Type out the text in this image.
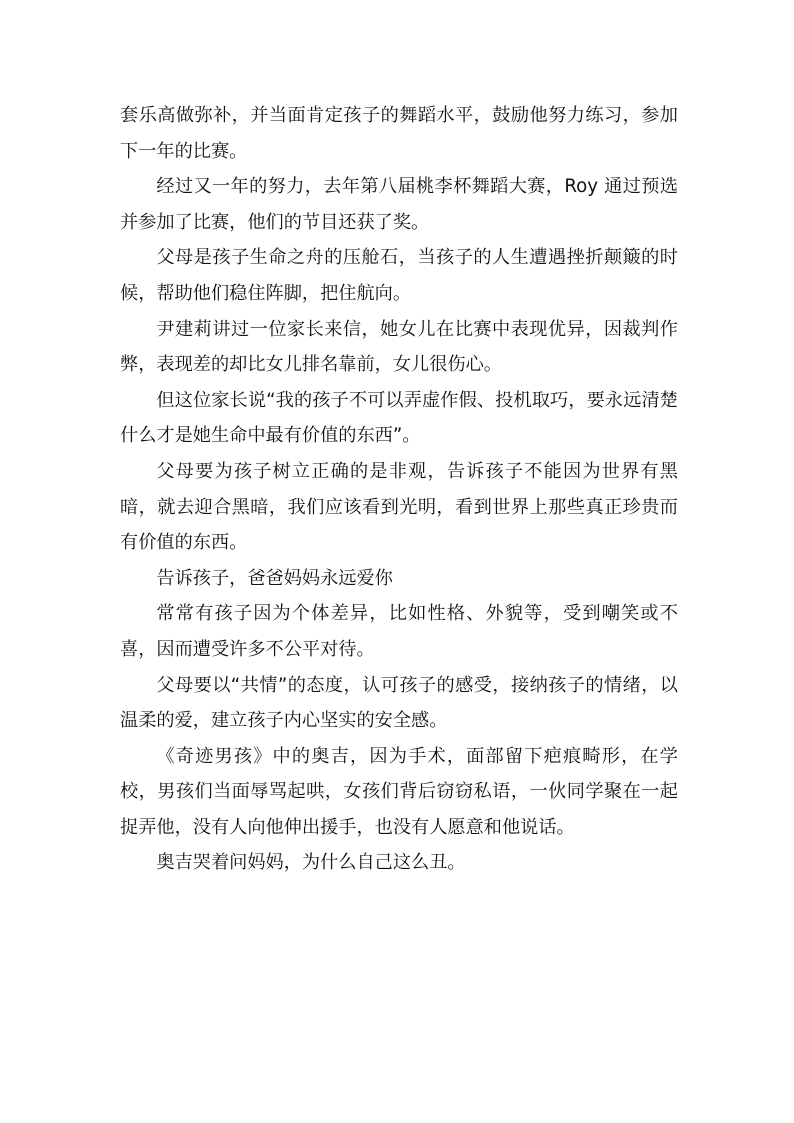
套乐高做弥补，并当面肯定孩子的舞蹈水平，鼓励他努力练习，参加下一年的比赛。

经过又一年的努力，去年第八届桃李杯舞蹈大赛，Roy 通过预选并参加了比赛，他们的节目还获了奖。

父母是孩子生命之舟的压舱石，当孩子的人生遭遇挫折颠簸的时候，帮助他们稳住阵脚，把住航向。

尹建莉讲过一位家长来信，她女儿在比赛中表现优异，因裁判作弊，表现差的却比女儿排名靠前，女儿很伤心。

但这位家长说“我的孩子不可以弄虚作假、投机取巧，要永远清楚什么才是她生命中最有价值的东西”。

父母要为孩子树立正确的是非观，告诉孩子不能因为世界有黑暗，就去迎合黑暗，我们应该看到光明，看到世界上那些真正珍贵而有价值的东西。

告诉孩子，爸爸妈妈永远爱你

常常有孩子因为个体差异，比如性格、外貌等，受到嘲笑或不喜，因而遭受许多不公平对待。

父母要以“共情”的态度，认可孩子的感受，接纳孩子的情绪，以温柔的爱，建立孩子内心坚实的安全感。

《奇迹男孩》中的奥吉，因为手术，面部留下疤痕畸形，在学校，男孩们当面辱骂起哄，女孩们背后窃窃私语，一伙同学聚在一起捉弄他，没有人向他伸出援手，也没有人愿意和他说话。

奥吉哭着问妈妈，为什么自己这么丑。
